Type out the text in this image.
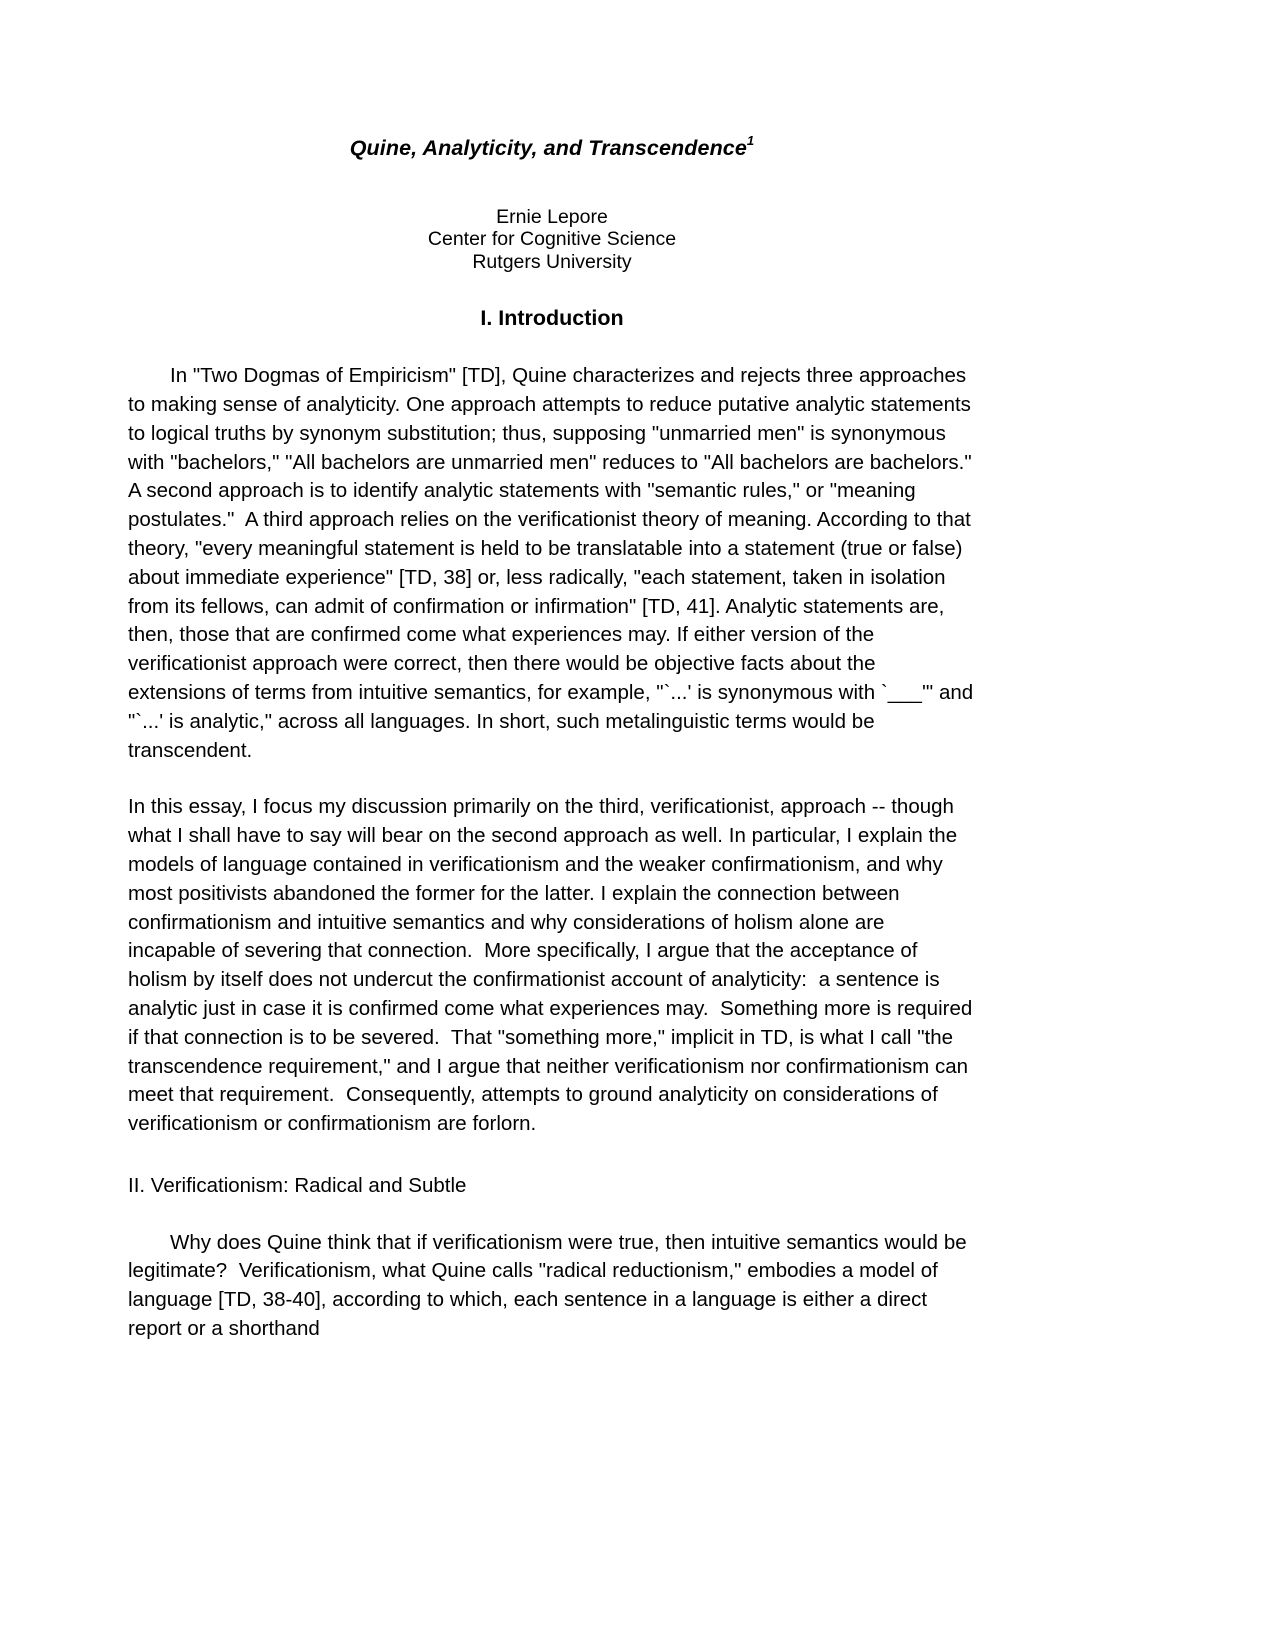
Quine, Analyticity, and Transcendence$^1$
Ernie Lepore
Center for Cognitive Science
Rutgers University
I. Introduction

In "Two Dogmas of Empiricism" [TD], Quine characterizes and rejects three approaches to making sense of analyticity. One approach attempts to reduce putative analytic statements to logical truths by synonym substitution; thus, supposing "unmarried men" is synonymous with "bachelors," "All bachelors are unmarried men" reduces to "All bachelors are bachelors." A second approach is to identify analytic statements with "semantic rules," or "meaning postulates."  A third approach relies on the verificationist theory of meaning. According to that theory, "every meaningful statement is held to be translatable into a statement (true or false) about immediate experience" [TD, 38] or, less radically, "each statement, taken in isolation from its fellows, can admit of confirmation or infirmation" [TD, 41]. Analytic statements are, then, those that are confirmed come what experiences may. If either version of the verificationist approach were correct, then there would be objective facts about the extensions of terms from intuitive semantics, for example, "`...' is synonymous with `___'" and "`...' is analytic," across all languages. In short, such metalinguistic terms would be transcendent.

In this essay, I focus my discussion primarily on the third, verificationist, approach -- though what I shall have to say will bear on the second approach as well. In particular, I explain the models of language contained in verificationism and the weaker confirmationism, and why most positivists abandoned the former for the latter. I explain the connection between confirmationism and intuitive semantics and why considerations of holism alone are incapable of severing that connection.  More specifically, I argue that the acceptance of holism by itself does not undercut the confirmationist account of analyticity:  a sentence is analytic just in case it is confirmed come what experiences may.  Something more is required if that connection is to be severed.  That "something more," implicit in TD, is what I call "the transcendence requirement," and I argue that neither verificationism nor confirmationism can meet that requirement.  Consequently, attempts to ground analyticity on considerations of verificationism or confirmationism are forlorn.

II. Verificationism: Radical and Subtle

Why does Quine think that if verificationism were true, then intuitive semantics would be legitimate?  Verificationism, what Quine calls "radical reductionism," embodies a model of language [TD, 38-40], according to which, each sentence in a language is either a direct report or a shorthand
